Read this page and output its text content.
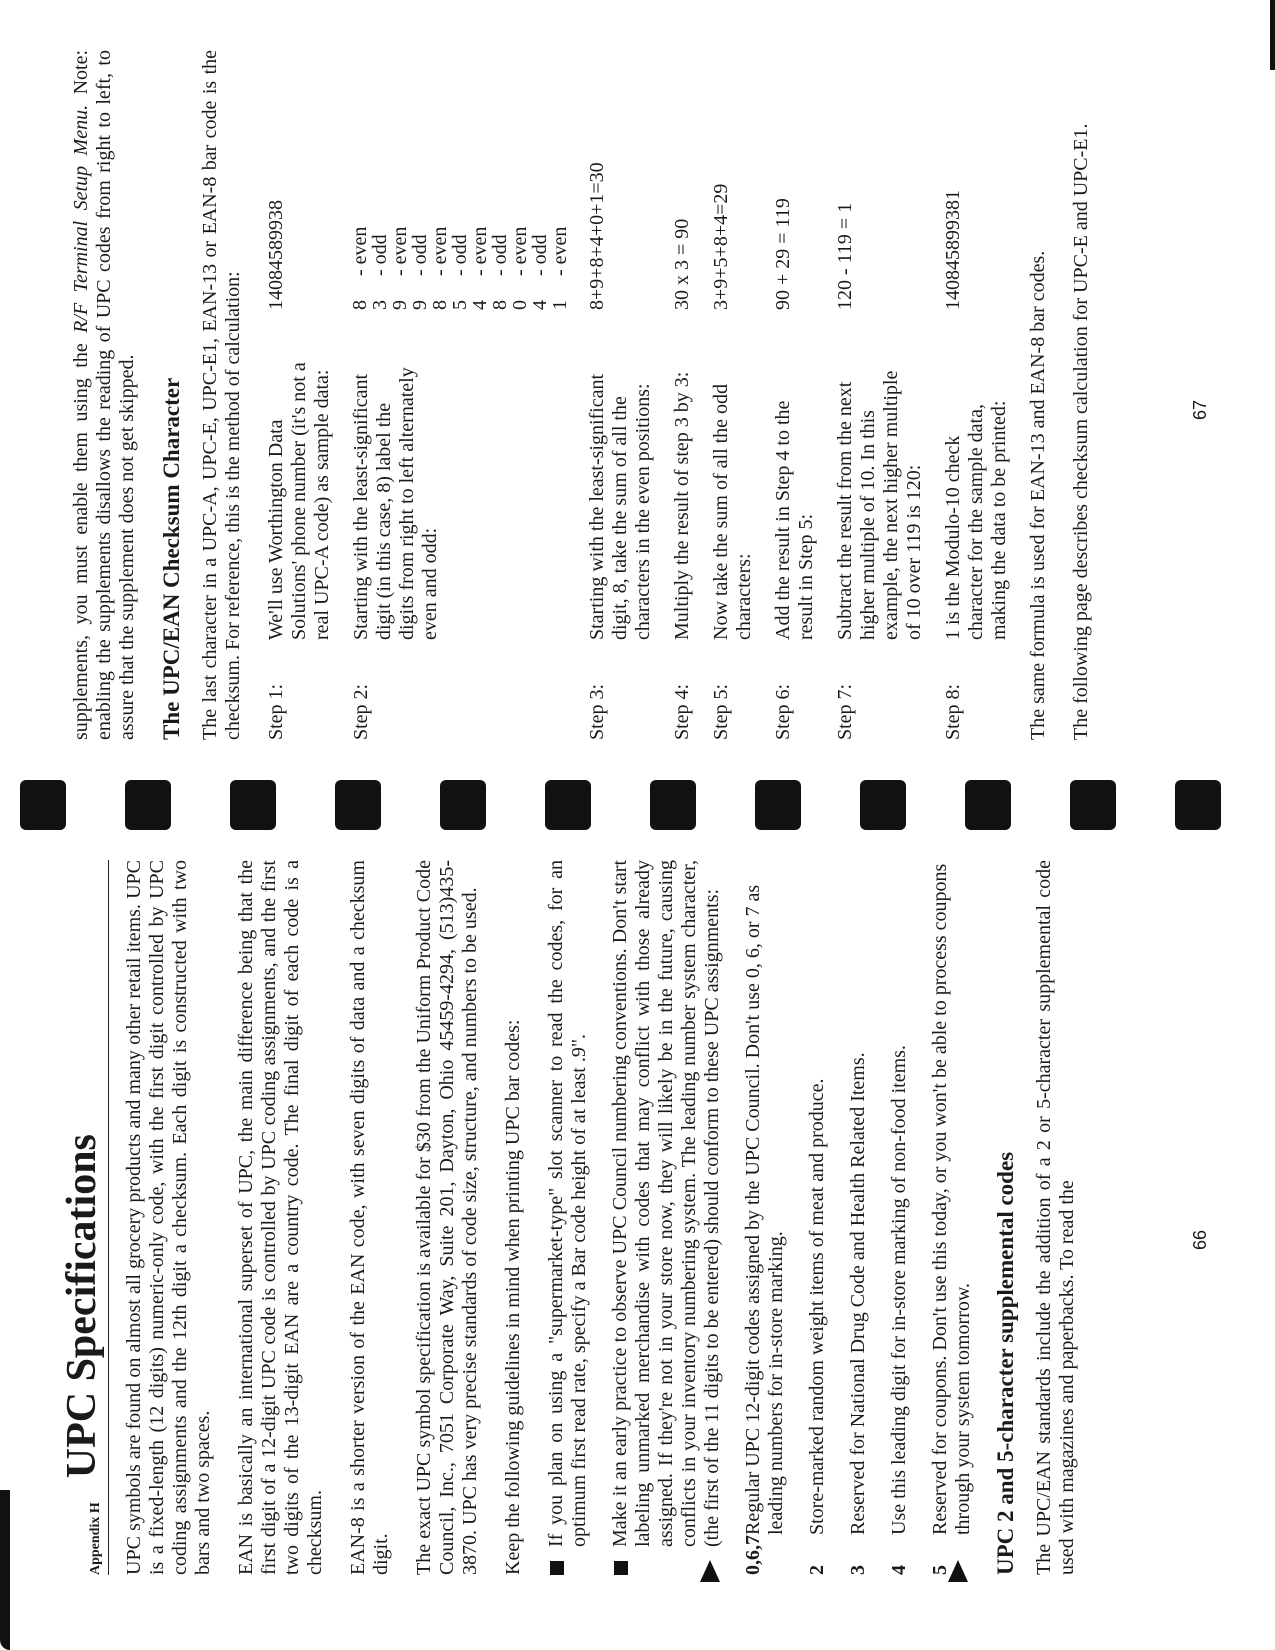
Appendix H
UPC Specifications UPC symbols are found on almost all grocery products and many other retail items. UPC is a fixed-length (12 digits) numeric-only code, with the first digit controlled by UPC coding assignments and the 12th digit a checksum. Each digit is constructed with two bars and two spaces. EAN is basically an international superset of UPC, the main difference being that the first digit of a 12-digit UPC code is controlled by UPC coding assignments, and the first two digits of the 13-digit EAN are a country code. The final digit of each code is a checksum. EAN-8 is a shorter version of the EAN code, with seven digits of data and a checksum digit. The exact UPC symbol specification is available for $30 from the Uniform Product Code Council, Inc., 7051 Corporate Way, Suite 201, Dayton, Ohio 45459-4294, (513)435-3870. UPC has very precise standards of code size, structure, and numbers to be used. Keep the following guidelines in mind when printing UPC bar codes: If you plan on using a "supermarket-type" slot scanner to read the codes, for an optimum first read rate, specify a Bar code height of at least .9". Make it an early practice to observe UPC Council numbering conventions. Don't start labeling unmarked merchandise with codes that may conflict with those already assigned. If they're not in your store now, they will likely be in the future, causing conflicts in your inventory numbering system. The leading number system character, (the first of the 11 digits to be entered) should conform to these UPC assignments:

0,6,7
Regular UPC 12-digit codes assigned by the UPC Council. Don't use 0, 6, or 7 as leading numbers for in-store marking.
2
Store-marked random weight items of meat and produce.
3
Reserved for National Drug Code and Health Related Items.
4
Use this leading digit for in-store marking of non-food items.
5
Reserved for coupons. Don't use this today, or you won't be able to process coupons through your system tomorrow. UPC 2 and 5-character supplemental codes The UPC/EAN standards include the addition of a 2 or 5-character supplemental code used with magazines and paperbacks. To read the	66

supplements, you must enable them using the R/F Terminal Setup Menu. Note: enabling the supplements disallows the reading of UPC codes from right to left, to assure that the supplement does not get skipped. The UPC/EAN Checksum Character The last character in a UPC-A, UPC-E, UPC-E1, EAN-13 or EAN-8 bar code is the checksum. For reference, this is the method of calculation: Step 1:
We'll use Worthington Data Solutions' phone number (it's not a real UPC-A code) as sample data:
14084589938
Step 2:
Starting with the least-significant digit (in this case, 8) label the digits from right to left alternately even and odd:
8
- even
3
- odd
9
- even
9
- odd
8
- even
5
- odd
4
- even
8
- odd
0
- even
4
- odd
1
- even
Step 3:
Starting with the least-significant digit, 8, take the sum of all the characters in the even positions:
8+9+8+4+0+1=30
Step 4:
Multiply the result of step 3 by 3:
30 x 3 = 90
Step 5:
Now take the sum of all the odd characters:
3+9+5+8+4=29
Step 6:
Add the result in Step 4 to the result in Step 5:
90 + 29 = 119
Step 7:
Subtract the result from the next higher multiple of 10. In this example, the next higher multiple of 10 over 119 is 120:
120 - 119 = 1
Step 8:
1 is the Modulo-10 check character for the sample data, making the data to be printed:
140845899381

The same formula is used for EAN-13 and EAN-8 bar codes. The following page describes checksum calculation for UPC-E and UPC-E1.	67
